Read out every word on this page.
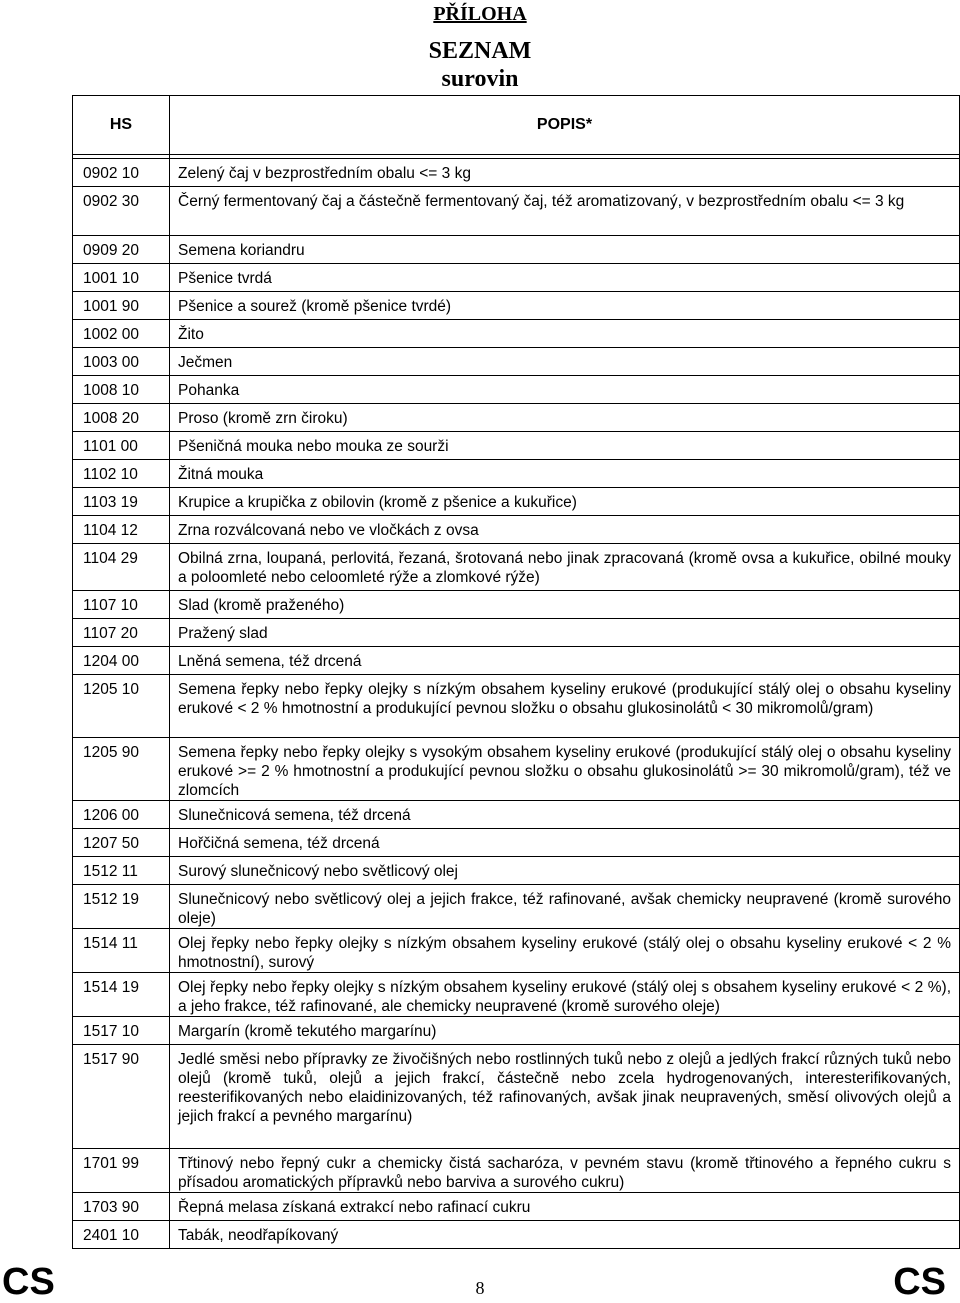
PŘÍLOHA
SEZNAM
surovin
HS	POPIS*

0902 10	Zelený čaj v bezprostředním obalu <= 3 kg
0902 30	Černý fermentovaný čaj a částečně fermentovaný čaj, též aromatizovaný, v bezprostředním obalu <= 3 kg
0909 20	Semena koriandru
1001 10	Pšenice tvrdá
1001 90	Pšenice a sourež (kromě pšenice tvrdé)
1002 00	Žito
1003 00	Ječmen
1008 10	Pohanka
1008 20	Proso (kromě zrn čiroku)
1101 00	Pšeničná mouka nebo mouka ze sourži
1102 10	Žitná mouka
1103 19	Krupice a krupička z obilovin (kromě z pšenice a kukuřice)
1104 12	Zrna rozválcovaná nebo ve vločkách z ovsa
1104 29	Obilná zrna, loupaná, perlovitá, řezaná, šrotovaná nebo jinak zpracovaná (kromě ovsa a kukuřice, obilné mouky a poloomleté nebo celoomleté rýže a zlomkové rýže)
1107 10	Slad (kromě praženého)
1107 20	Pražený slad
1204 00	Lněná semena, též drcená
1205 10	Semena řepky nebo řepky olejky s nízkým obsahem kyseliny erukové (produkující stálý olej o obsahu kyseliny erukové < 2 % hmotnostní a produkující pevnou složku o obsahu glukosinolátů < 30 mikromolů/gram)
1205 90	Semena řepky nebo řepky olejky s vysokým obsahem kyseliny erukové (produkující stálý olej o obsahu kyseliny erukové >= 2 % hmotnostní a produkující pevnou složku o obsahu glukosinolátů >= 30 mikromolů/gram), též ve zlomcích
1206 00	Slunečnicová semena, též drcená
1207 50	Hořčičná semena, též drcená
1512 11	Surový slunečnicový nebo světlicový olej
1512 19	Slunečnicový nebo světlicový olej a jejich frakce, též rafinované, avšak chemicky neupravené (kromě surového oleje)
1514 11	Olej řepky nebo řepky olejky s nízkým obsahem kyseliny erukové (stálý olej o obsahu kyseliny erukové < 2 % hmotnostní), surový
1514 19	Olej řepky nebo řepky olejky s nízkým obsahem kyseliny erukové (stálý olej s obsahem kyseliny erukové < 2 %), a jeho frakce, též rafinované, ale chemicky neupravené (kromě surového oleje)
1517 10	Margarín (kromě tekutého margarínu)
1517 90	Jedlé směsi nebo přípravky ze živočišných nebo rostlinných tuků nebo z olejů a jedlých frakcí různých tuků nebo olejů (kromě tuků, olejů a jejich frakcí, částečně nebo zcela hydrogenovaných, interesterifikovaných, reesterifikovaných nebo elaidinizovaných, též rafinovaných, avšak jinak neupravených, směsí olivových olejů a jejich frakcí a pevného margarínu)
1701 99	Třtinový nebo řepný cukr a chemicky čistá sacharóza, v pevném stavu (kromě třtinového a řepného cukru s přísadou aromatických přípravků nebo barviva a surového cukru)
1703 90	Řepná melasa získaná extrakcí nebo rafinací cukru
2401 10	Tabák, neodřapíkovaný
CS	8	CS
